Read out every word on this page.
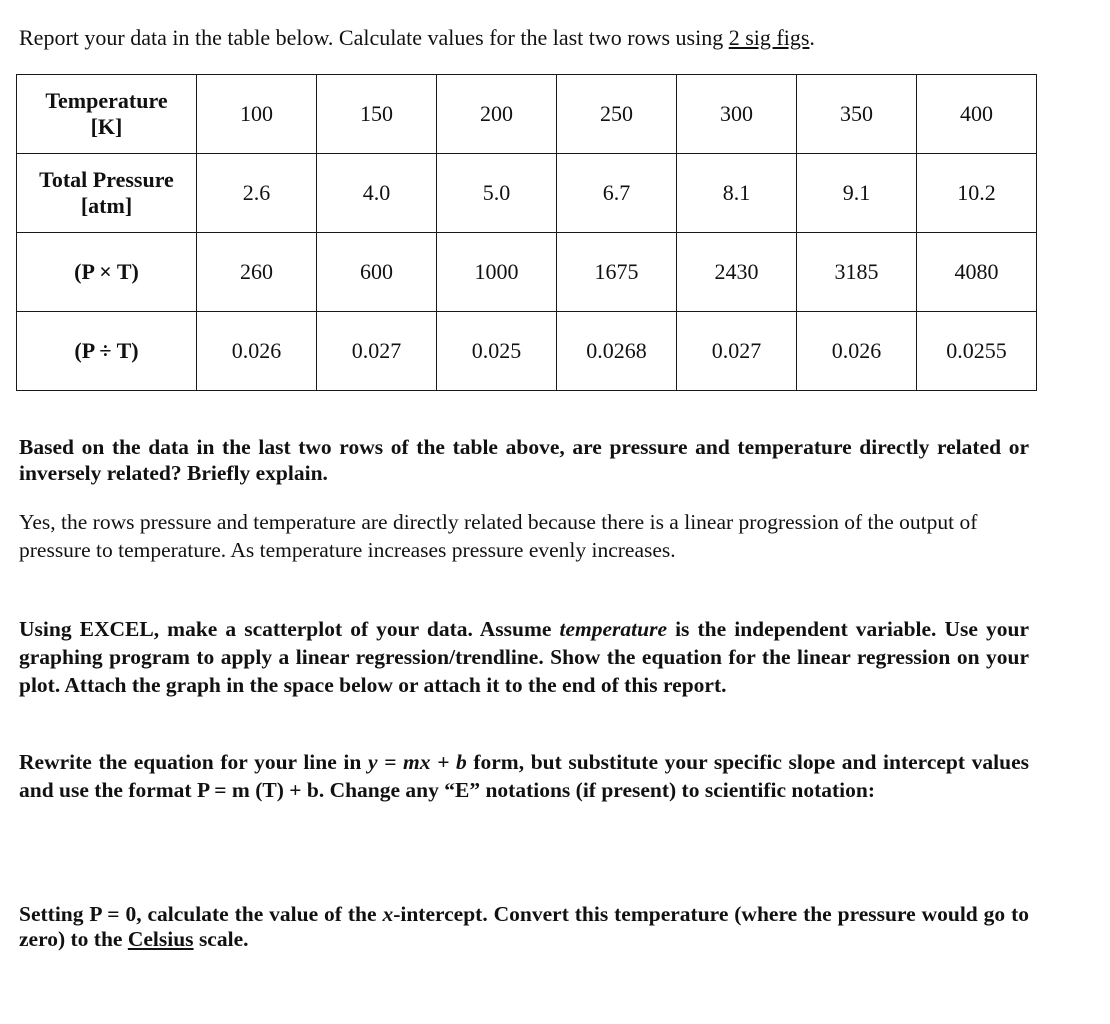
Report your data in the table below. Calculate values for the last two rows using 2 sig figs.
Temperature
[K]	100	150	200	250	300	350	400
Total Pressure
[atm]	2.6	4.0	5.0	6.7	8.1	9.1	10.2
(P × T)	260	600	1000	1675	2430	3185	4080
(P ÷ T)	0.026	0.027	0.025	0.0268	0.027	0.026	0.0255
Based on the data in the last two rows of the table above, are pressure and temperature directly related or inversely related? Briefly explain.
Yes, the rows pressure and temperature are directly related because there is a linear progression of the output of pressure to temperature. As temperature increases pressure evenly increases.
Using EXCEL, make a scatterplot of your data. Assume temperature is the independent variable. Use your graphing program to apply a linear regression/trendline. Show the equation for the linear regression on your plot. Attach the graph in the space below or attach it to the end of this report.
Rewrite the equation for your line in y = mx + b form, but substitute your specific slope and intercept values and use the format P = m (T) + b. Change any “E” notations (if present) to scientific notation:
Setting P = 0, calculate the value of the x-intercept. Convert this temperature (where the pressure would go to zero) to the Celsius scale.
